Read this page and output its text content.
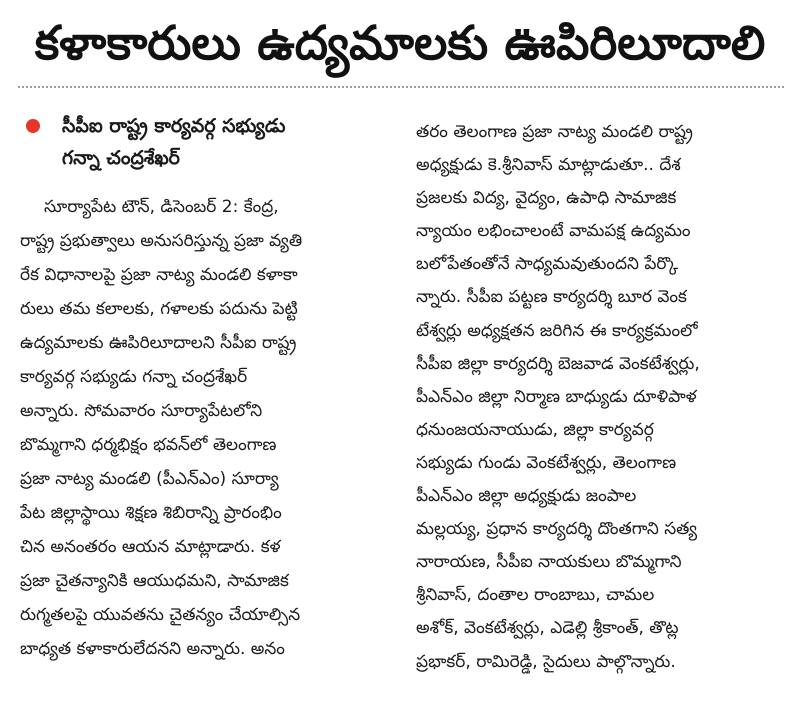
కళాకారులు ఉద్యమాలకు ఊపిరిలూదాలి
సీపీఐ రాష్ట్ర కార్యవర్గ సభ్యుడు
గన్నా చంద్రశేఖర్
సూర్యాపేట టౌన్, డిసెంబర్ 2: కేంద్ర,
రాష్ట్ర ప్రభుత్వాలు అనుసరిస్తున్న ప్రజా వ్యతి
రేక విధానాలపై ప్రజా నాట్య మండలి కళాకా
రులు తమ కలాలకు, గళాలకు పదును పెట్టి
ఉద్యమాలకు ఊపిరిలూదాలని సీపీఐ రాష్ట్ర
కార్యవర్గ సభ్యుడు గన్నా చంద్రశేఖర్
అన్నారు. సోమవారం సూర్యాపేటలోని
బొమ్మగాని ధర్మభిక్షం భవన్‌లో తెలంగాణ
ప్రజా నాట్య మండలి (పీఎన్ఎం) సూర్యా
పేట జిల్లాస్థాయి శిక్షణ శిబిరాన్ని ప్రారంభిం
చిన అనంతరం ఆయన మాట్లాడారు. కళ
ప్రజా చైతన్యానికి ఆయుధమని, సామాజిక
రుగ్మతలపై యువతను చైతన్యం చేయాల్సిన
బాధ్యత కళాకారులేదనని అన్నారు. అనం
తరం తెలంగాణ ప్రజా నాట్య మండలి రాష్ట్ర
అధ్యక్షుడు కె.శ్రీనివాస్ మాట్లాడుతూ.. దేశ
ప్రజలకు విద్య, వైద్యం, ఉపాధి సామాజిక
న్యాయం లభించాలంటే వామపక్ష ఉద్యమం
బలోపేతంతోనే సాధ్యమవుతుందని పేర్కొ
న్నారు. సీపీఐ పట్టణ కార్యదర్శి బూర వెంక
టేశ్వర్లు అధ్యక్షతన జరిగిన ఈ కార్యక్రమంలో
సీపీఐ జిల్లా కార్యదర్శి బెజవాడ వెంకటేశ్వర్లు,
పీఎన్ఎం జిల్లా నిర్మాణ బాధ్యుడు దూళిపాళ
ధనుంజయనాయుడు, జిల్లా కార్యవర్గ
సభ్యుడు గుండు వెంకటేశ్వర్లు, తెలంగాణ
పీఎన్ఎం జిల్లా అధ్యక్షుడు జంపాల
మల్లయ్య, ప్రధాన కార్యదర్శి దొంతగాని సత్య
నారాయణ, సీపీఐ నాయకులు బొమ్మగాని
శ్రీనివాస్, దంతాల రాంబాబు, చామల
అశోక్, వెంకటేశ్వర్లు, ఎడెల్లి శ్రీకాంత్, తొట్ల
ప్రభాకర్, రామిరెడ్డి, సైదులు పాల్గొన్నారు.
